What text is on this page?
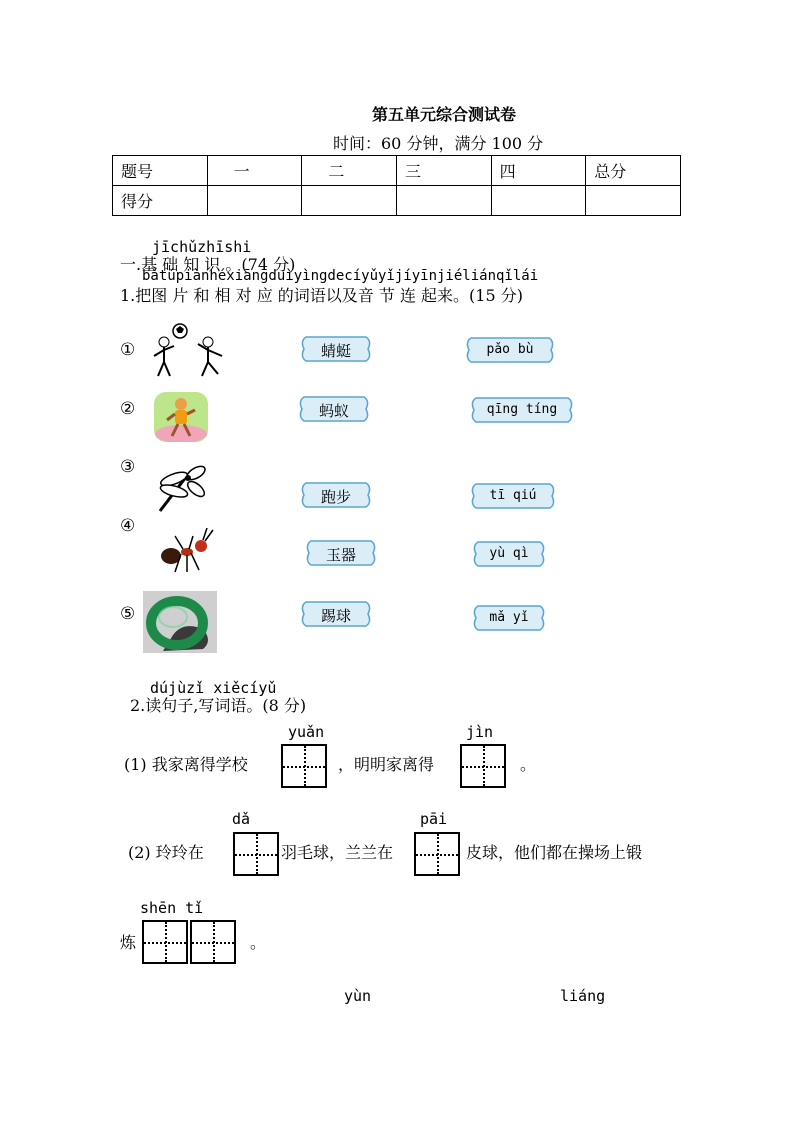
第五单元综合测试卷
时间：60 分钟，满分 100 分
题号	一	二	三	四	总分
得分					
jīchǔzhīshi
一.基 础 知 识 。(74 分)
bǎtúpiànhéxiāngduìyìngdecíyǔyǐjíyīnjiéliánqǐlái
1.把图 片 和 相 对 应 的词语以及音 节 连 起来。(15 分)
①
②
③
④
⑤
蜻蜓
蚂蚁
跑步
玉器
踢球
pǎo bù
qīng tíng
tī qiú
yù qì
mǎ yǐ
dújùzǐ xiěcíyǔ
2.读句子,写词语。(8 分)
yuǎn	jìn
(1) 我家离得学校	，明明家离得	。
dǎ	pāi
(2) 玲玲在	羽毛球，兰兰在	皮球，他们都在操场上锻
shēn tǐ
炼	。
yùn	liáng
